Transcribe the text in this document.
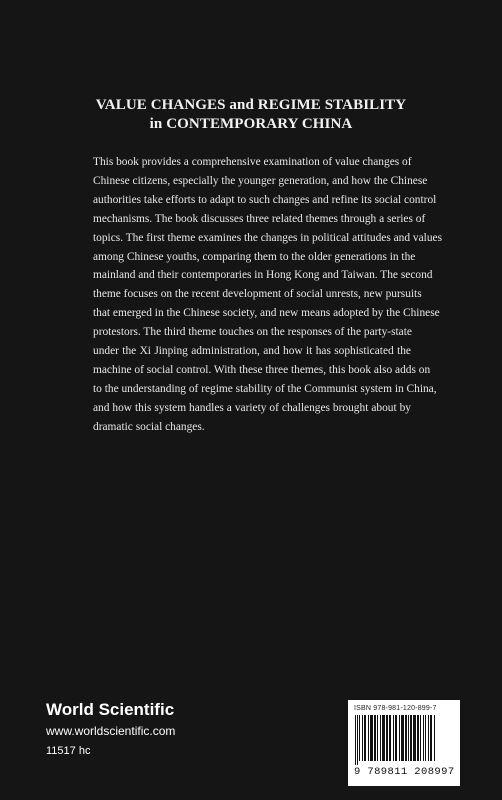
VALUE CHANGES and REGIME STABILITY
in CONTEMPORARY CHINA
This book provides a comprehensive examination of value changes of
Chinese citizens, especially the younger generation, and how the Chinese
authorities take efforts to adapt to such changes and refine its social control
mechanisms. The book discusses three related themes through a series of
topics. The first theme examines the changes in political attitudes and values
among Chinese youths, comparing them to the older generations in the
mainland and their contemporaries in Hong Kong and Taiwan. The second
theme focuses on the recent development of social unrests, new pursuits
that emerged in the Chinese society, and new means adopted by the Chinese
protestors. The third theme touches on the responses of the party-state
under the Xi Jinping administration, and how it has sophisticated the
machine of social control. With these three themes, this book also adds on
to the understanding of regime stability of the Communist system in China,
and how this system handles a variety of challenges brought about by
dramatic social changes.
World Scientific
www.worldscientific.com
11517 hc
ISBN 978-981-120-899-7
9 789811 208997
